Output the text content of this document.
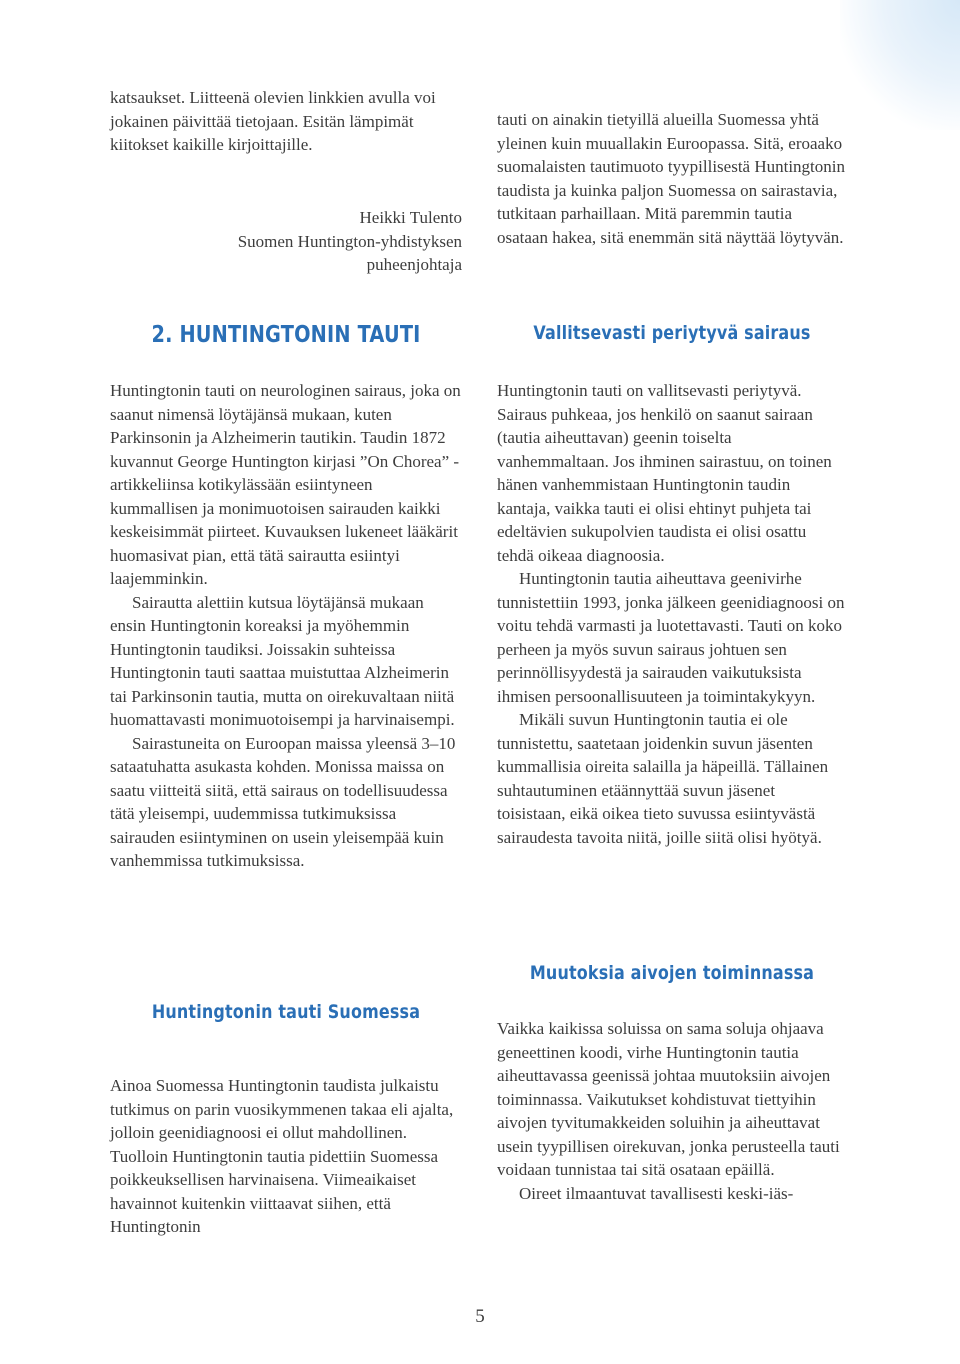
katsaukset. Liitteenä olevien linkkien avulla voi jokainen päivittää tietojaan. Esitän lämpimät kiitokset kaikille kirjoittajille.

Heikki Tulento
Suomen Huntington-yhdistyksen
puheenjohtaja

tauti on ainakin tietyillä alueilla Suomessa yhtä yleinen kuin muuallakin Euroopassa. Sitä, eroaako suomalaisten tautimuoto tyypillisestä Huntingtonin taudista ja kuinka paljon Suomessa on sairastavia, tutkitaan parhaillaan. Mitä paremmin tautia osataan hakea, sitä enemmän sitä näyttää löytyvän.

2. HUNTINGTONIN TAUTI	Vallitsevasti periytyvä sairaus

Huntingtonin tauti on neurologinen sairaus, joka on saanut nimensä löytäjänsä mukaan, kuten Parkinsonin ja Alzheimerin tautikin. Taudin 1872 kuvannut George Huntington kirjasi ”On Chorea” -artikkeliinsa kotikylässään esiintyneen kummallisen ja monimuotoisen sairauden kaikki keskeisimmät piirteet. Kuvauksen lukeneet lääkärit huomasivat pian, että tätä sairautta esiintyi laajemminkin.

Sairautta alettiin kutsua löytäjänsä mukaan ensin Huntingtonin koreaksi ja myöhemmin Huntingtonin taudiksi. Joissakin suhteissa Huntingtonin tauti saattaa muistuttaa Alzheimerin tai Parkinsonin tautia, mutta on oirekuvaltaan niitä huomattavasti monimuotoisempi ja harvinaisempi.

Sairastuneita on Euroopan maissa yleensä 3–10 sataatuhatta asukasta kohden. Monissa maissa on saatu viitteitä siitä, että sairaus on todellisuudessa tätä yleisempi, uudemmissa tutkimuksissa sairauden esiintyminen on usein yleisempää kuin vanhemmissa tutkimuksissa.

Huntingtonin tauti Suomessa

Ainoa Suomessa Huntingtonin taudista julkaistu tutkimus on parin vuosikymmenen takaa eli ajalta, jolloin geenidiagnoosi ei ollut mahdollinen. Tuolloin Huntingtonin tautia pidettiin Suomessa poikkeuksellisen harvinaisena. Viimeaikaiset havainnot kuitenkin viittaavat siihen, että Huntingtonin

Huntingtonin tauti on vallitsevasti periytyvä. Sairaus puhkeaa, jos henkilö on saanut sairaan (tautia aiheuttavan) geenin toiselta vanhemmaltaan. Jos ihminen sairastuu, on toinen hänen vanhemmistaan Huntingtonin taudin kantaja, vaikka tauti ei olisi ehtinyt puhjeta tai edeltävien sukupolvien taudista ei olisi osattu tehdä oikeaa diagnoosia.

Huntingtonin tautia aiheuttava geenivirhe tunnistettiin 1993, jonka jälkeen geenidiagnoosi on voitu tehdä varmasti ja luotettavasti. Tauti on koko perheen ja myös suvun sairaus johtuen sen perinnöllisyydestä ja sairauden vaikutuksista ihmisen persoonallisuuteen ja toimintakykyyn.

Mikäli suvun Huntingtonin tautia ei ole tunnistettu, saatetaan joidenkin suvun jäsenten kummallisia oireita salailla ja häpeillä. Tällainen suhtautuminen etäännyttää suvun jäsenet toisistaan, eikä oikea tieto suvussa esiintyvästä sairaudesta tavoita niitä, joille siitä olisi hyötyä.

Muutoksia aivojen toiminnassa

Vaikka kaikissa soluissa on sama soluja ohjaava geneettinen koodi, virhe Huntingtonin tautia aiheuttavassa geenissä johtaa muutoksiin aivojen toiminnassa. Vaikutukset kohdistuvat tiettyihin aivojen tyvitumakkeiden soluihin ja aiheuttavat usein tyypillisen oirekuvan, jonka perusteella tauti voidaan tunnistaa tai sitä osataan epäillä.

Oireet ilmaantuvat tavallisesti keski-iäs-

5
